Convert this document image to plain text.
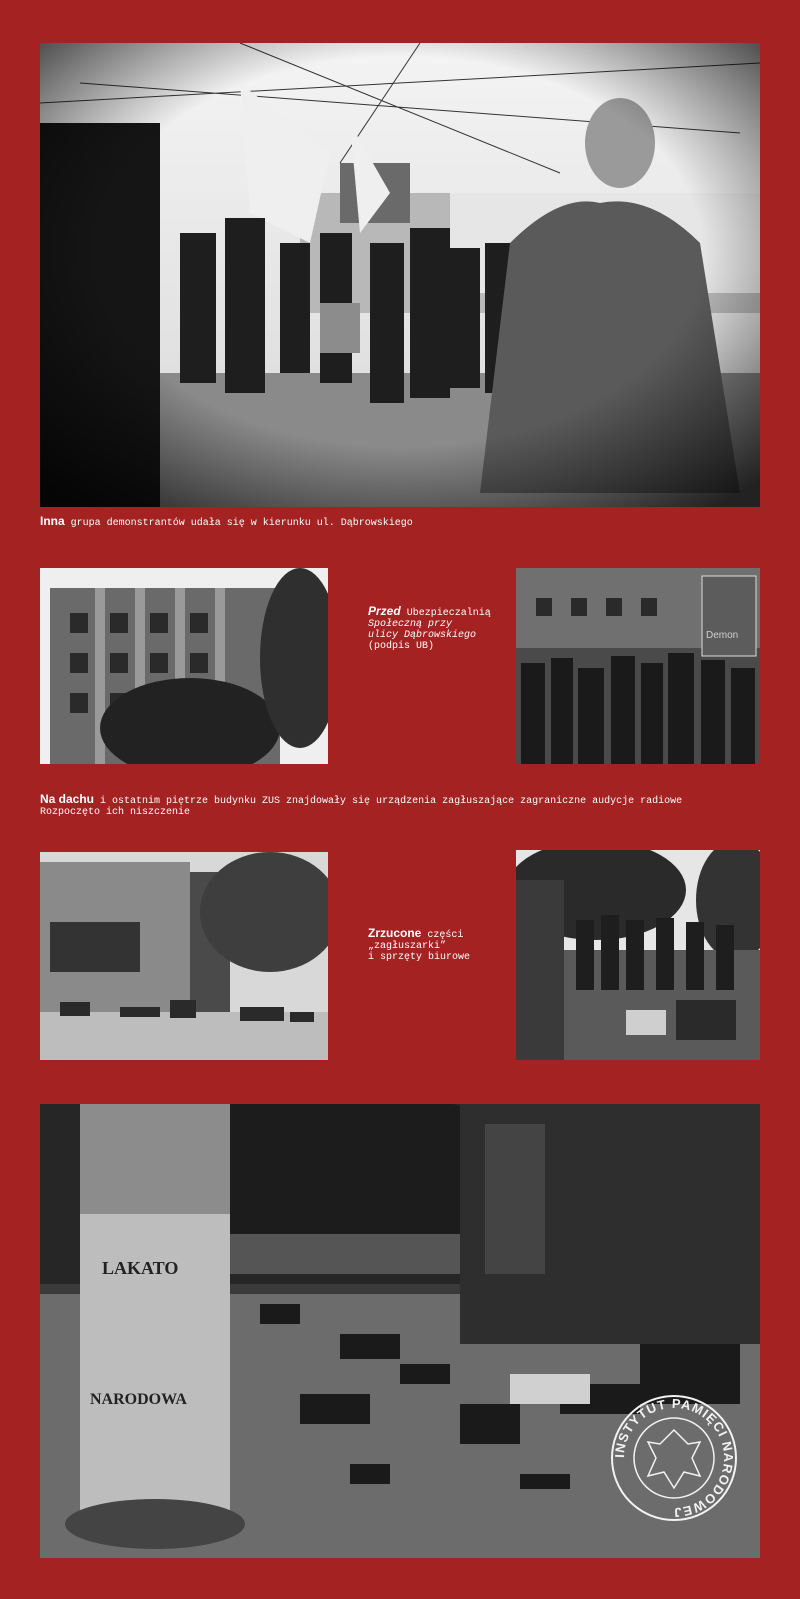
Inna grupa demonstrantów udała się w kierunku ul. Dąbrowskiego
Przed Ubezpieczalnią
Społeczną przy
ulicy Dąbrowskiego
(podpis UB)
Demon
Na dachu i ostatnim piętrze budynku ZUS znajdowały się urządzenia zagłuszające zagraniczne audycje radiowe
Rozpoczęto ich niszczenie
Zrzucone części
„zagłuszarki”
i sprzęty biurowe
LAKATO
NARODOWA
INSTYTUT PAMIĘCI NARODOWEJ
